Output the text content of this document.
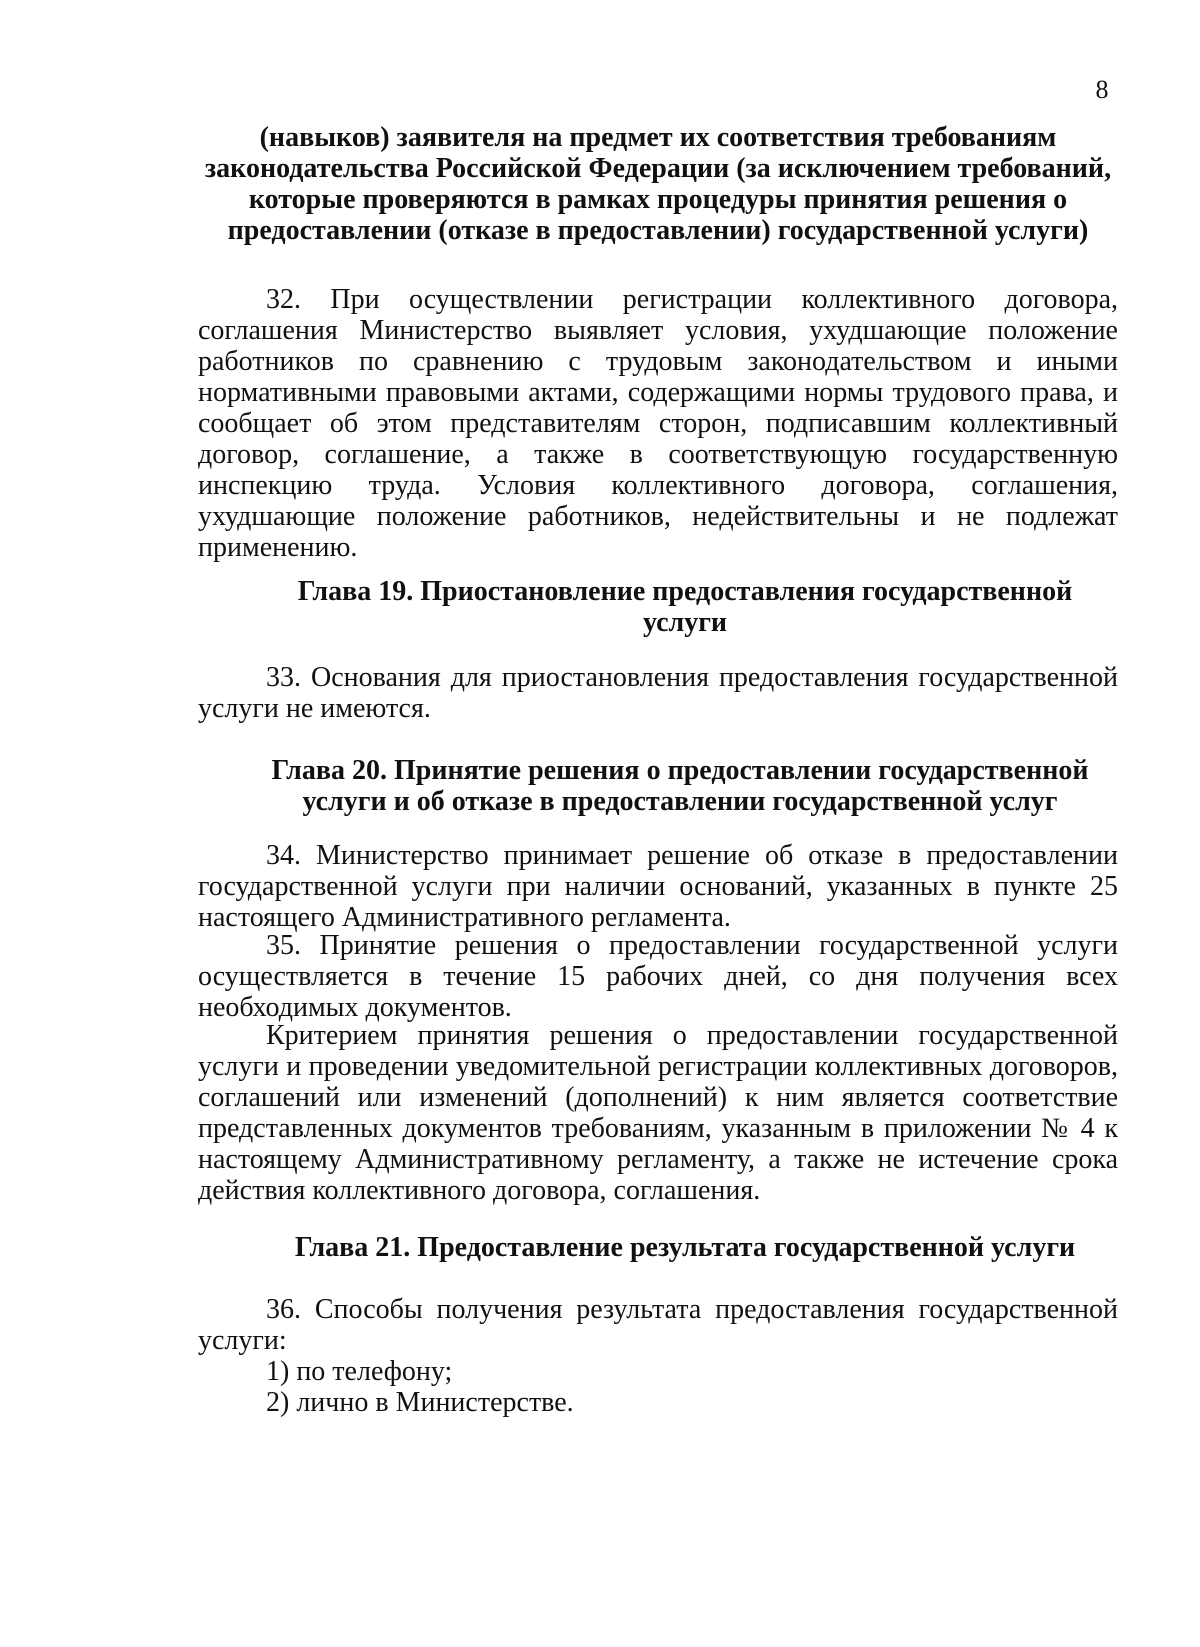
8
(навыков) заявителя на предмет их соответствия требованиям
законодательства Российской Федерации (за исключением требований,
которые проверяются в рамках процедуры принятия решения о
предоставлении (отказе в предоставлении) государственной услуги)
32. При осуществлении регистрации коллективного договора,
соглашения Министерство выявляет условия, ухудшающие положение
работников по сравнению с трудовым законодательством и иными
нормативными правовыми актами, содержащими нормы трудового права, и
сообщает об этом представителям сторон, подписавшим коллективный
договор, соглашение, а также в соответствующую государственную
инспекцию труда. Условия коллективного договора, соглашения,
ухудшающие положение работников, недействительны и не подлежат
применению.
Глава 19. Приостановление предоставления государственной
услуги
33. Основания для приостановления предоставления государственной
услуги не имеются.
Глава 20. Принятие решения о предоставлении государственной
услуги и об отказе в предоставлении государственной услуг
34. Министерство принимает решение об отказе в предоставлении
государственной услуги при наличии оснований, указанных в пункте 25
настоящего Административного регламента.
35. Принятие решения о предоставлении государственной услуги
осуществляется в течение 15 рабочих дней, со дня получения всех
необходимых документов.
Критерием принятия решения о предоставлении государственной
услуги и проведении уведомительной регистрации коллективных договоров,
соглашений или изменений (дополнений) к ним является соответствие
представленных документов требованиям, указанным в приложении № 4 к
настоящему Административному регламенту, а также не истечение срока
действия коллективного договора, соглашения.
Глава 21. Предоставление результата государственной услуги
36. Способы получения результата предоставления государственной
услуги:
1) по телефону;
2) лично в Министерстве.
